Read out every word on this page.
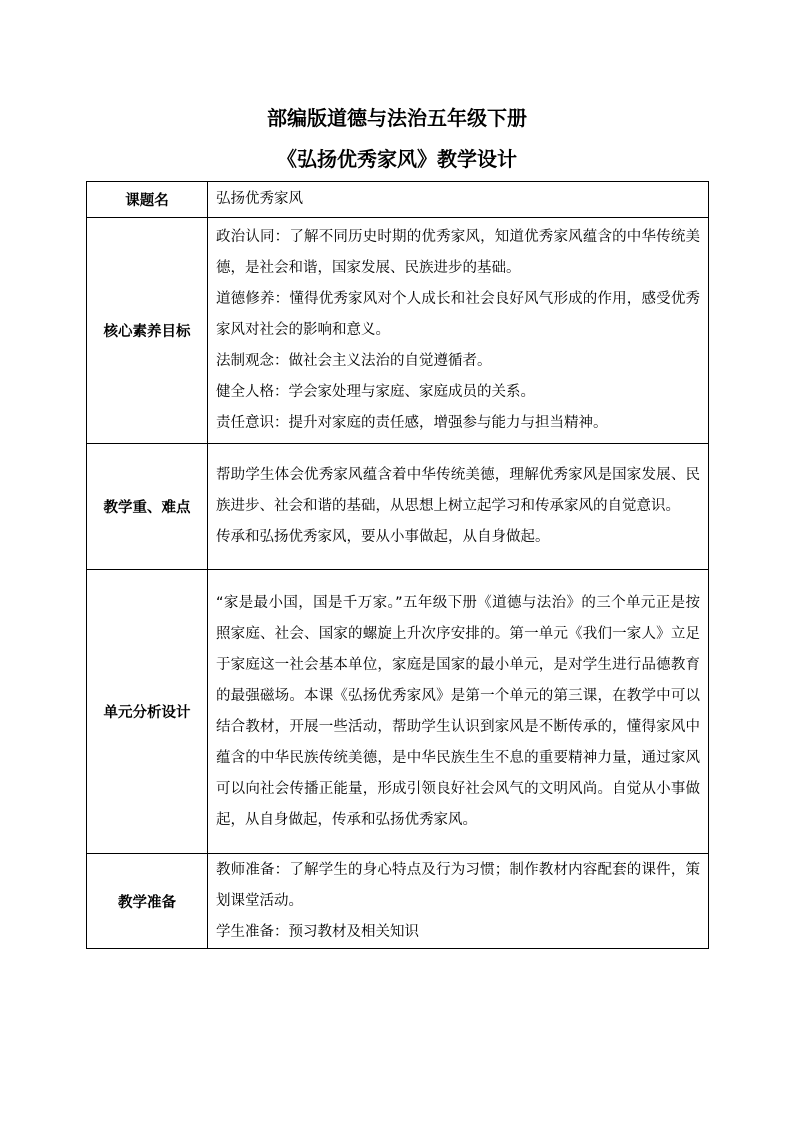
部编版道德与法治五年级下册
《弘扬优秀家风》教学设计
课题名	弘扬优秀家风

核心素养目标	政治认同：了解不同历史时期的优秀家风，知道优秀家风蕴含的中华传统美德，是社会和谐，国家发展、民族进步的基础。

道德修养：懂得优秀家风对个人成长和社会良好风气形成的作用，感受优秀家风对社会的影响和意义。

法制观念：做社会主义法治的自觉遵循者。

健全人格：学会家处理与家庭、家庭成员的关系。

责任意识：提升对家庭的责任感，增强参与能力与担当精神。

教学重、难点	帮助学生体会优秀家风蕴含着中华传统美德，理解优秀家风是国家发展、民族进步、社会和谐的基础，从思想上树立起学习和传承家风的自觉意识。

传承和弘扬优秀家风，要从小事做起，从自身做起。

单元分析设计	“家是最小国，国是千万家。”五年级下册《道德与法治》的三个单元正是按照家庭、社会、国家的螺旋上升次序安排的。第一单元《我们一家人》立足于家庭这一社会基本单位，家庭是国家的最小单元，是对学生进行品德教育的最强磁场。本课《弘扬优秀家风》是第一个单元的第三课，在教学中可以结合教材，开展一些活动，帮助学生认识到家风是不断传承的，懂得家风中蕴含的中华民族传统美德，是中华民族生生不息的重要精神力量，通过家风可以向社会传播正能量，形成引领良好社会风气的文明风尚。自觉从小事做起，从自身做起，传承和弘扬优秀家风。

教学准备	教师准备：了解学生的身心特点及行为习惯；制作教材内容配套的课件，策划课堂活动。

学生准备：预习教材及相关知识
